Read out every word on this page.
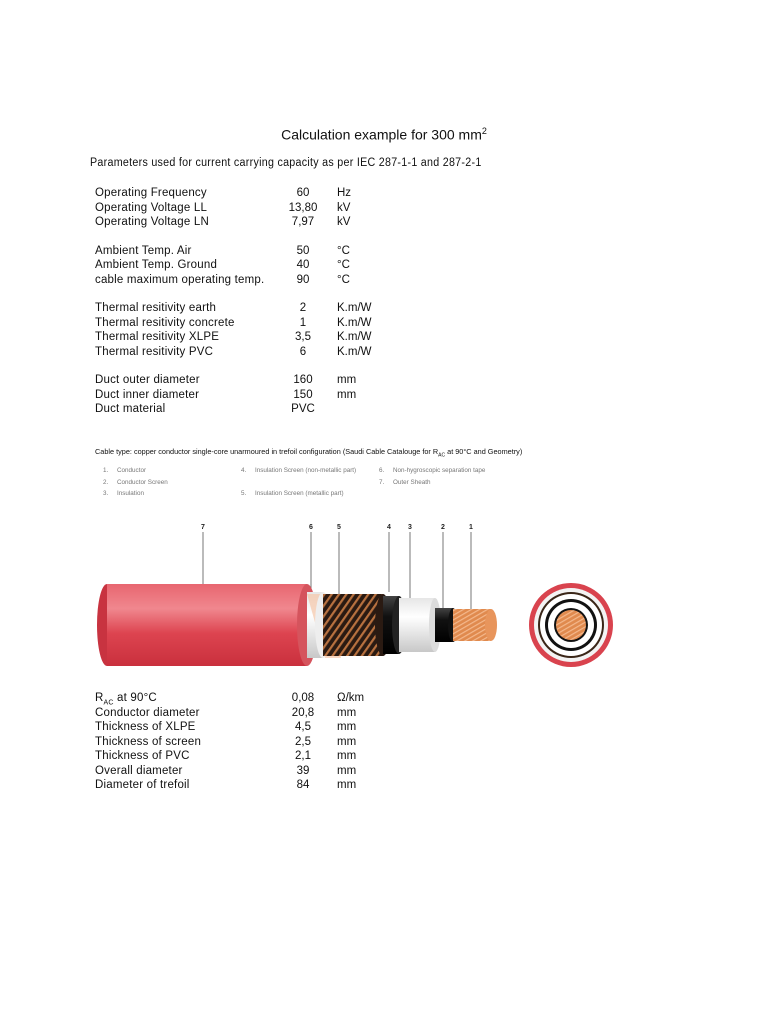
Calculation example for 300 $mm^2$
Parameters used for current carrying capacity as per IEC 287-1-1 and 287-2-1
Operating Frequency	60	Hz
Operating Voltage LL	13,80	kV
Operating Voltage LN	7,97	kV
Ambient Temp. Air	50	°C
Ambient Temp. Ground	40	°C
cable maximum operating temp.	90	°C
Thermal resitivity earth	2	K.m/W
Thermal resitivity concrete	1	K.m/W
Thermal resitivity XLPE	3,5	K.m/W
Thermal resitivity PVC	6	K.m/W
Duct outer diameter	160	mm
Duct inner diameter	150	mm
Duct material	PVC
Cable type: copper conductor single-core unarmoured in trefoil configuration (Saudi Cable Catalouge for $R_{AC}$ at 90°C and Geometry)
1. Conductor
2. Conductor Screen
3. Insulation
4. Insulation Screen (non-metallic part)
5. Insulation Screen (metallic part)
6. Non-hygroscopic separation tape
7. Outer Sheath
7	6	5	4 3	2	1
$R_{AC}$ at 90°C	0,08	Ω/km
Conductor diameter	20,8	mm
Thickness of XLPE	4,5	mm
Thickness of screen	2,5	mm
Thickness of PVC	2,1	mm
Overall diameter	39	mm
Diameter of trefoil	84	mm
